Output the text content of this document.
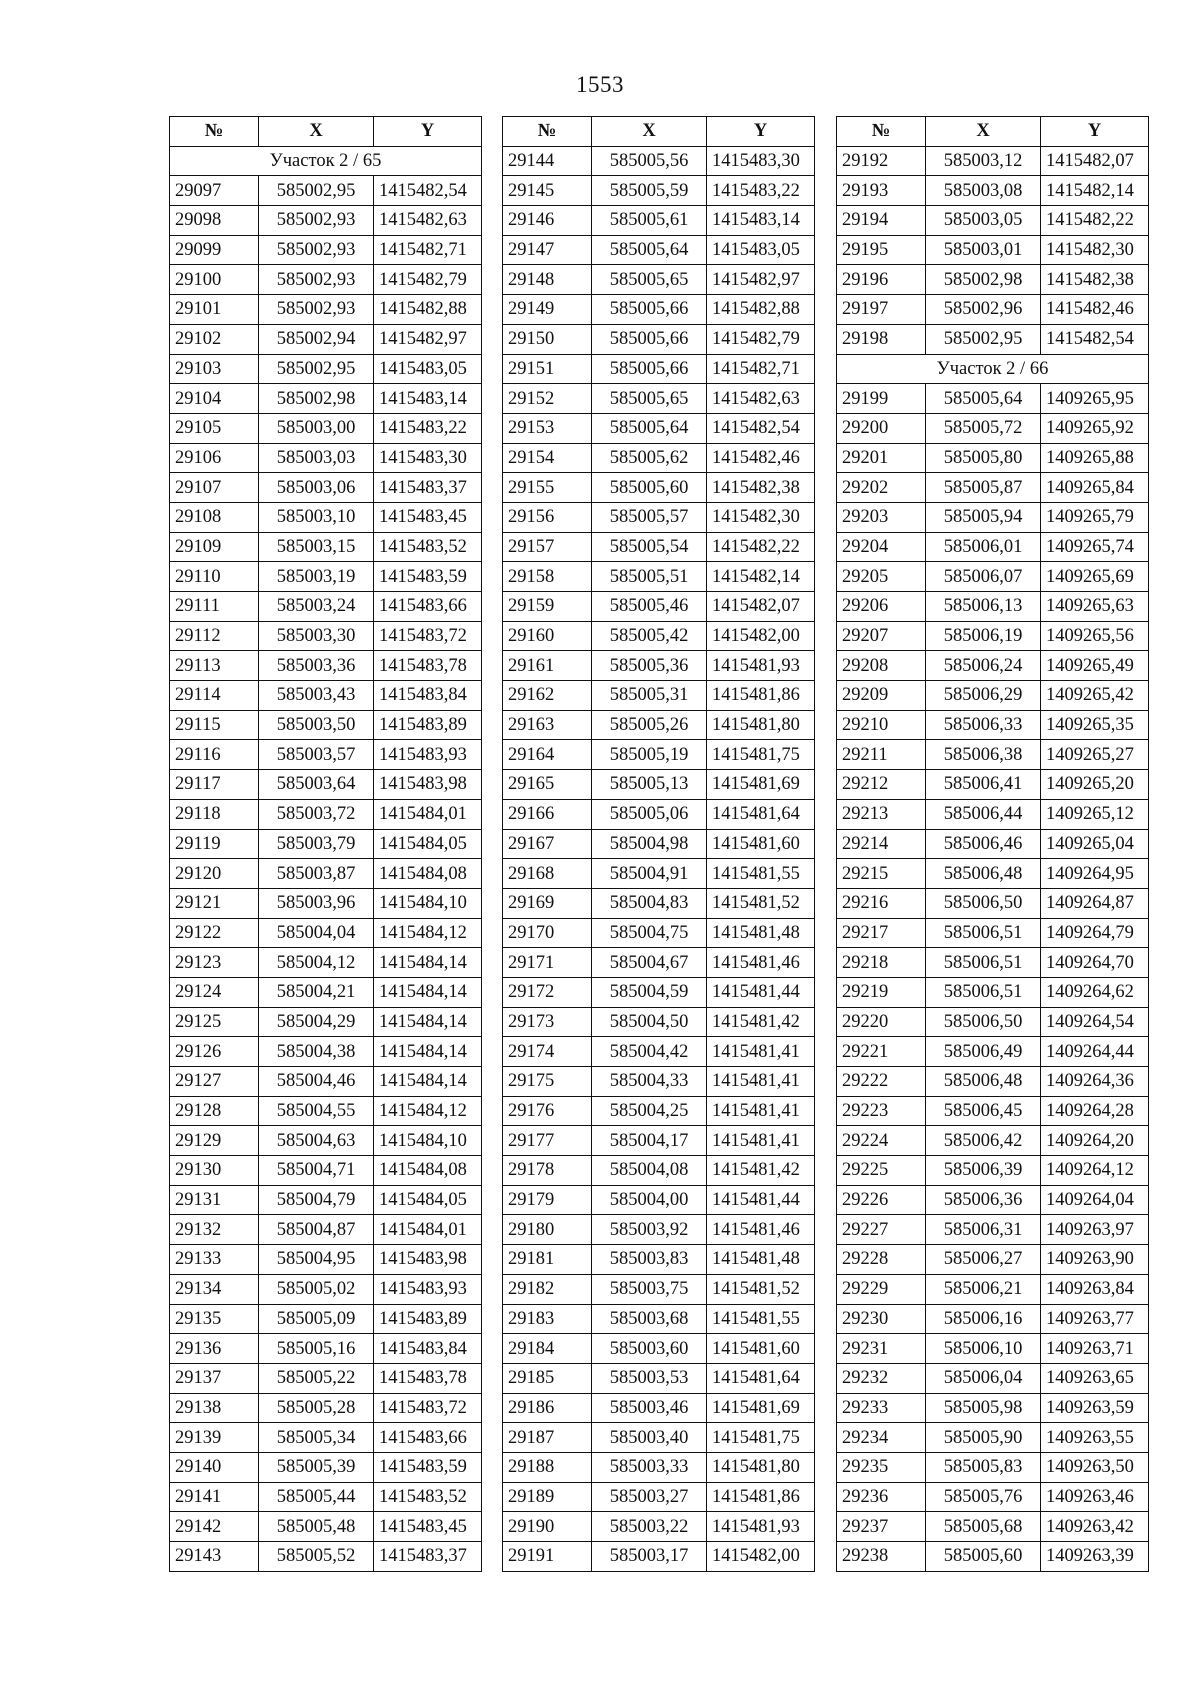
1553
№	X	Y
Участок 2 / 65		
29097	585002,95	1415482,54
29098	585002,93	1415482,63
29099	585002,93	1415482,71
29100	585002,93	1415482,79
29101	585002,93	1415482,88
29102	585002,94	1415482,97
29103	585002,95	1415483,05
29104	585002,98	1415483,14
29105	585003,00	1415483,22
29106	585003,03	1415483,30
29107	585003,06	1415483,37
29108	585003,10	1415483,45
29109	585003,15	1415483,52
29110	585003,19	1415483,59
29111	585003,24	1415483,66
29112	585003,30	1415483,72
29113	585003,36	1415483,78
29114	585003,43	1415483,84
29115	585003,50	1415483,89
29116	585003,57	1415483,93
29117	585003,64	1415483,98
29118	585003,72	1415484,01
29119	585003,79	1415484,05
29120	585003,87	1415484,08
29121	585003,96	1415484,10
29122	585004,04	1415484,12
29123	585004,12	1415484,14
29124	585004,21	1415484,14
29125	585004,29	1415484,14
29126	585004,38	1415484,14
29127	585004,46	1415484,14
29128	585004,55	1415484,12
29129	585004,63	1415484,10
29130	585004,71	1415484,08
29131	585004,79	1415484,05
29132	585004,87	1415484,01
29133	585004,95	1415483,98
29134	585005,02	1415483,93
29135	585005,09	1415483,89
29136	585005,16	1415483,84
29137	585005,22	1415483,78
29138	585005,28	1415483,72
29139	585005,34	1415483,66
29140	585005,39	1415483,59
29141	585005,44	1415483,52
29142	585005,48	1415483,45
29143	585005,52	1415483,37
№	X	Y
29144	585005,56	1415483,30
29145	585005,59	1415483,22
29146	585005,61	1415483,14
29147	585005,64	1415483,05
29148	585005,65	1415482,97
29149	585005,66	1415482,88
29150	585005,66	1415482,79
29151	585005,66	1415482,71
29152	585005,65	1415482,63
29153	585005,64	1415482,54
29154	585005,62	1415482,46
29155	585005,60	1415482,38
29156	585005,57	1415482,30
29157	585005,54	1415482,22
29158	585005,51	1415482,14
29159	585005,46	1415482,07
29160	585005,42	1415482,00
29161	585005,36	1415481,93
29162	585005,31	1415481,86
29163	585005,26	1415481,80
29164	585005,19	1415481,75
29165	585005,13	1415481,69
29166	585005,06	1415481,64
29167	585004,98	1415481,60
29168	585004,91	1415481,55
29169	585004,83	1415481,52
29170	585004,75	1415481,48
29171	585004,67	1415481,46
29172	585004,59	1415481,44
29173	585004,50	1415481,42
29174	585004,42	1415481,41
29175	585004,33	1415481,41
29176	585004,25	1415481,41
29177	585004,17	1415481,41
29178	585004,08	1415481,42
29179	585004,00	1415481,44
29180	585003,92	1415481,46
29181	585003,83	1415481,48
29182	585003,75	1415481,52
29183	585003,68	1415481,55
29184	585003,60	1415481,60
29185	585003,53	1415481,64
29186	585003,46	1415481,69
29187	585003,40	1415481,75
29188	585003,33	1415481,80
29189	585003,27	1415481,86
29190	585003,22	1415481,93
29191	585003,17	1415482,00
№	X	Y
29192	585003,12	1415482,07
29193	585003,08	1415482,14
29194	585003,05	1415482,22
29195	585003,01	1415482,30
29196	585002,98	1415482,38
29197	585002,96	1415482,46
29198	585002,95	1415482,54
Участок 2 / 66		
29199	585005,64	1409265,95
29200	585005,72	1409265,92
29201	585005,80	1409265,88
29202	585005,87	1409265,84
29203	585005,94	1409265,79
29204	585006,01	1409265,74
29205	585006,07	1409265,69
29206	585006,13	1409265,63
29207	585006,19	1409265,56
29208	585006,24	1409265,49
29209	585006,29	1409265,42
29210	585006,33	1409265,35
29211	585006,38	1409265,27
29212	585006,41	1409265,20
29213	585006,44	1409265,12
29214	585006,46	1409265,04
29215	585006,48	1409264,95
29216	585006,50	1409264,87
29217	585006,51	1409264,79
29218	585006,51	1409264,70
29219	585006,51	1409264,62
29220	585006,50	1409264,54
29221	585006,49	1409264,44
29222	585006,48	1409264,36
29223	585006,45	1409264,28
29224	585006,42	1409264,20
29225	585006,39	1409264,12
29226	585006,36	1409264,04
29227	585006,31	1409263,97
29228	585006,27	1409263,90
29229	585006,21	1409263,84
29230	585006,16	1409263,77
29231	585006,10	1409263,71
29232	585006,04	1409263,65
29233	585005,98	1409263,59
29234	585005,90	1409263,55
29235	585005,83	1409263,50
29236	585005,76	1409263,46
29237	585005,68	1409263,42
29238	585005,60	1409263,39
